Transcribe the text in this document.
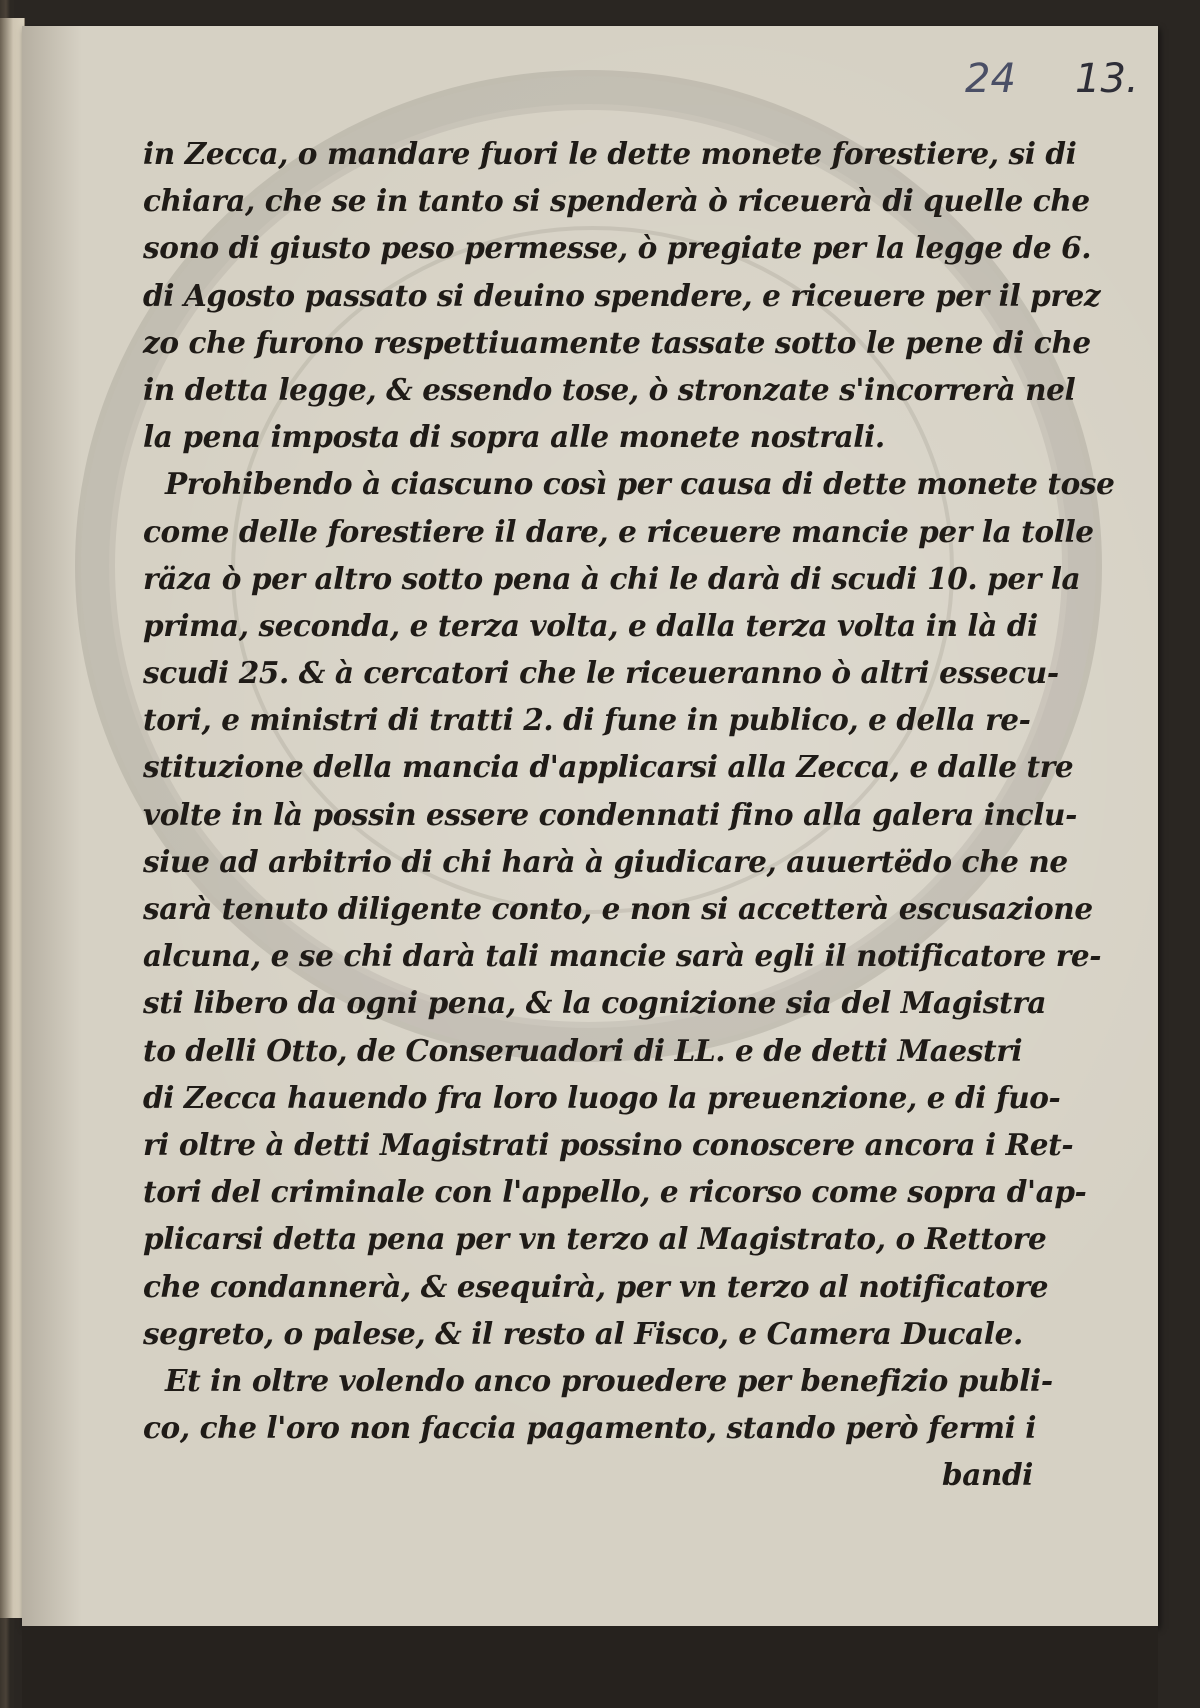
24 13.
in Zecca, o mandare fuori le dette monete forestiere, si di
chiara, che se in tanto si spenderà ò riceuerà di quelle che
sono di giusto peso permesse, ò pregiate per la legge de 6.
di Agosto passato si deuino spendere, e riceuere per il prez
zo che furono respettiuamente tassate sotto le pene di che
in detta legge, & essendo tose, ò stronzate s'incorrerà nel
la pena imposta di sopra alle monete nostrali.
Prohibendo à ciascuno così per causa di dette monete tose
come delle forestiere il dare, e riceuere mancie per la tolle
räza ò per altro sotto pena à chi le darà di scudi 10. per la
prima, seconda, e terza volta, e dalla terza volta in là di
scudi 25. & à cercatori che le riceueranno ò altri essecu-
tori, e ministri di tratti 2. di fune in publico, e della re-
stituzione della mancia d'applicarsi alla Zecca, e dalle tre
volte in là possin essere condennati fino alla galera inclu-
siue ad arbitrio di chi harà à giudicare, auuertëdo che ne
sarà tenuto diligente conto, e non si accetterà escusazione
alcuna, e se chi darà tali mancie sarà egli il notificatore re-
sti libero da ogni pena, & la cognizione sia del Magistra
to delli Otto, de Conseruadori di LL. e de detti Maestri
di Zecca hauendo fra loro luogo la preuenzione, e di fuo-
ri oltre à detti Magistrati possino conoscere ancora i Ret-
tori del criminale con l'appello, e ricorso come sopra d'ap-
plicarsi detta pena per vn terzo al Magistrato, o Rettore
che condannerà, & esequirà, per vn terzo al notificatore
segreto, o palese, & il resto al Fisco, e Camera Ducale.
Et in oltre volendo anco prouedere per benefizio publi-
co, che l'oro non faccia pagamento, stando però fermi i
bandi
